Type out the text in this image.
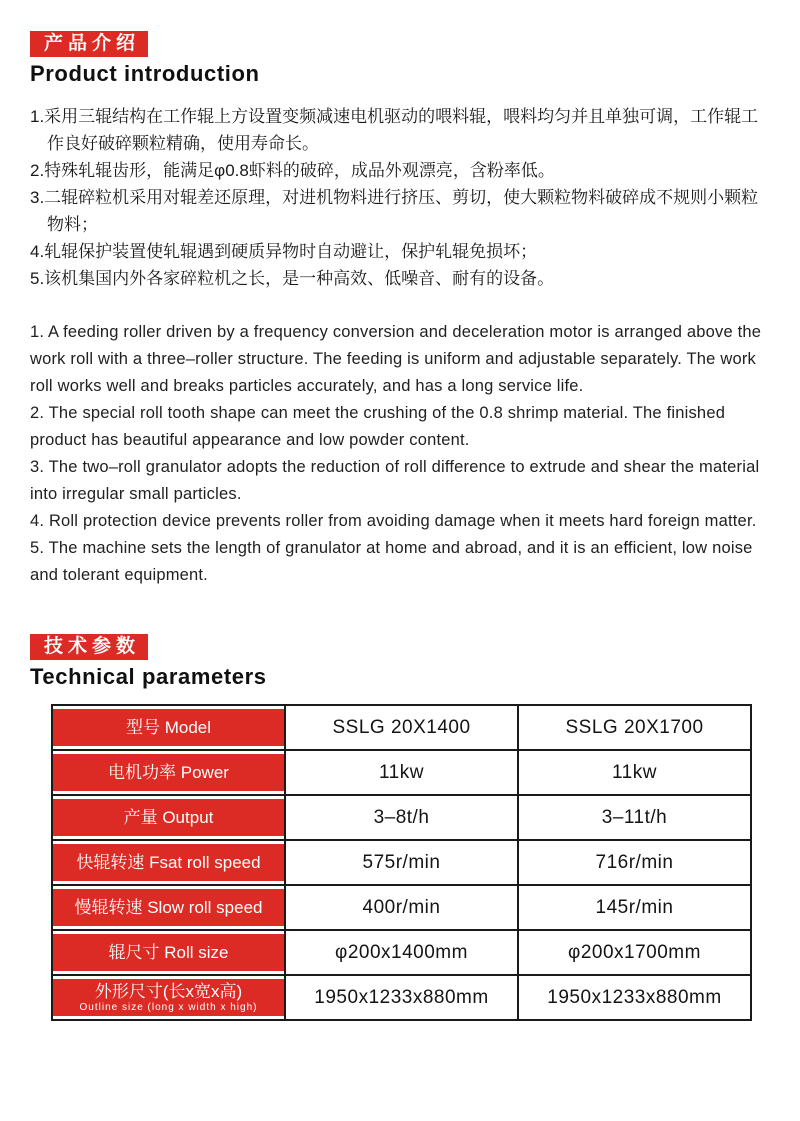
产品介绍
Product introduction

1.采用三辊结构在工作辊上方设置变频减速电机驱动的喂料辊，喂料均匀并且单独可调，工作辊工作良好破碎颗粒精确，使用寿命长。

2.特殊轧辊齿形，能满足φ0.8虾料的破碎，成品外观漂亮，含粉率低。

3.二辊碎粒机采用对辊差还原理，对进机物料进行挤压、剪切，使大颗粒物料破碎成不规则小颗粒物料；

4.轧辊保护装置使轧辊遇到硬质异物时自动避让，保护轧辊免损坏；

5.该机集国内外各家碎粒机之长，是一种高效、低噪音、耐有的设备。

1. A feeding roller driven by a frequency conversion and deceleration motor is arranged above the work roll with a three–roller structure. The feeding is uniform and adjustable separately. The work roll works well and breaks particles accurately, and has a long service life.

2. The special roll tooth shape can meet the crushing of the 0.8 shrimp material. The finished product has beautiful appearance and low powder content.

3. The two–roll granulator adopts the reduction of roll difference to extrude and shear the material into irregular small particles.

4. Roll protection device prevents roller from avoiding damage when it meets hard foreign matter.

5. The machine sets the length of granulator at home and abroad, and it is an efficient, low noise and tolerant equipment.

技术参数
Technical parameters
型号 Model	SSLG 20X1400	SSLG 20X1700

电机功率 Power	11kw	11kw

产量 Output	3–8t/h	3–11t/h

快辊转速 Fsat roll speed	575r/min	716r/min

慢辊转速 Slow roll speed	400r/min	145r/min

辊尺寸 Roll size	φ200x1400mm	φ200x1700mm

外形尺寸(长x宽x高)
Outline size (long x width x high)	1950x1233x880mm	1950x1233x880mm
